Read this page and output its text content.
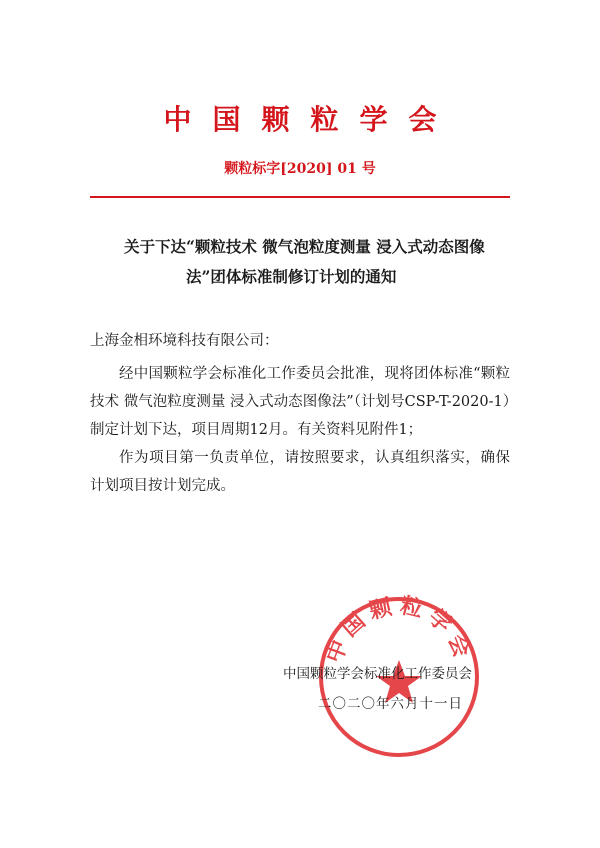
中国颗粒学会
颗粒标字[2020] 01 号
关于下达“颗粒技术 微气泡粒度测量 浸入式动态图像
法”团体标准制修订计划的通知
上海金相环境科技有限公司：

经中国颗粒学会标准化工作委员会批准，现将团体标准“颗粒技术 微气泡粒度测量 浸入式动态图像法”（计划号CSP-T-2020-1）制定计划下达，项目周期12月。有关资料见附件1；

作为项目第一负责单位，请按照要求，认真组织落实，确保计划项目按计划完成。

中国颗粒学会
中国颗粒学会标准化工作委员会
二〇二〇年六月十一日
